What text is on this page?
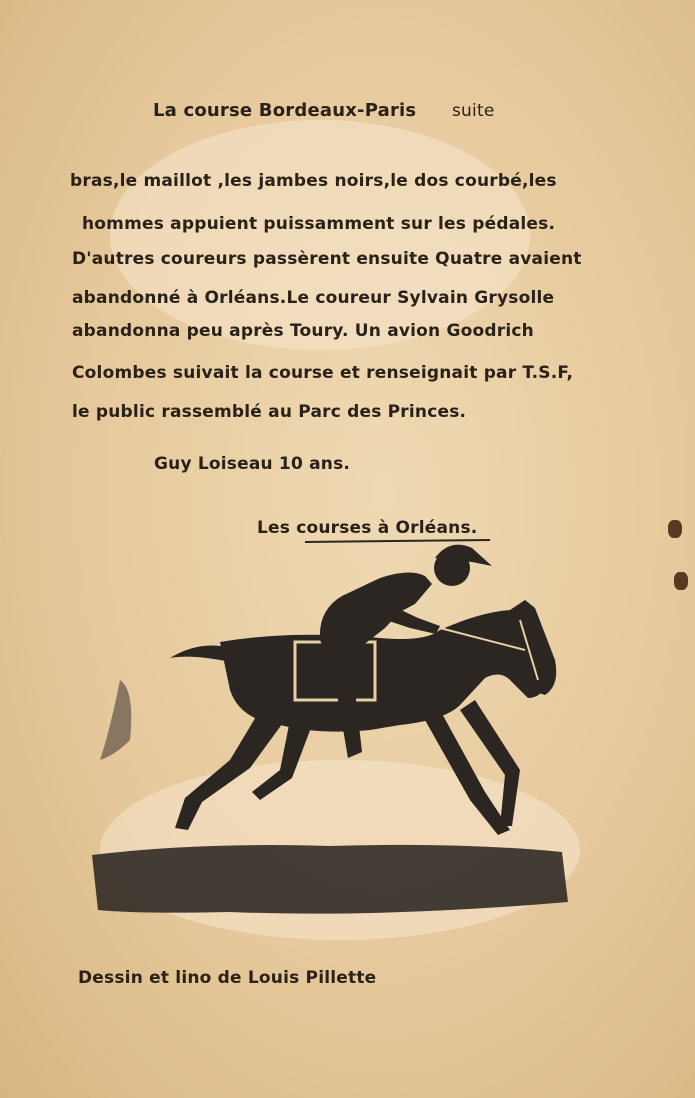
La course Bordeaux-Paris suite
bras,le maillot ,les jambes noirs,le dos courbé,les
hommes appuient puissamment sur les pédales.
D'autres coureurs passèrent ensuite Quatre avaient
abandonné à Orléans.Le coureur Sylvain Grysolle
abandonna peu après Toury. Un avion Goodrich
Colombes suivait la course et renseignait par T.S.F,
le public rassemblé au Parc des Princes.
Guy Loiseau 10 ans.
Les courses à Orléans.
Dessin et lino de Louis Pillette
